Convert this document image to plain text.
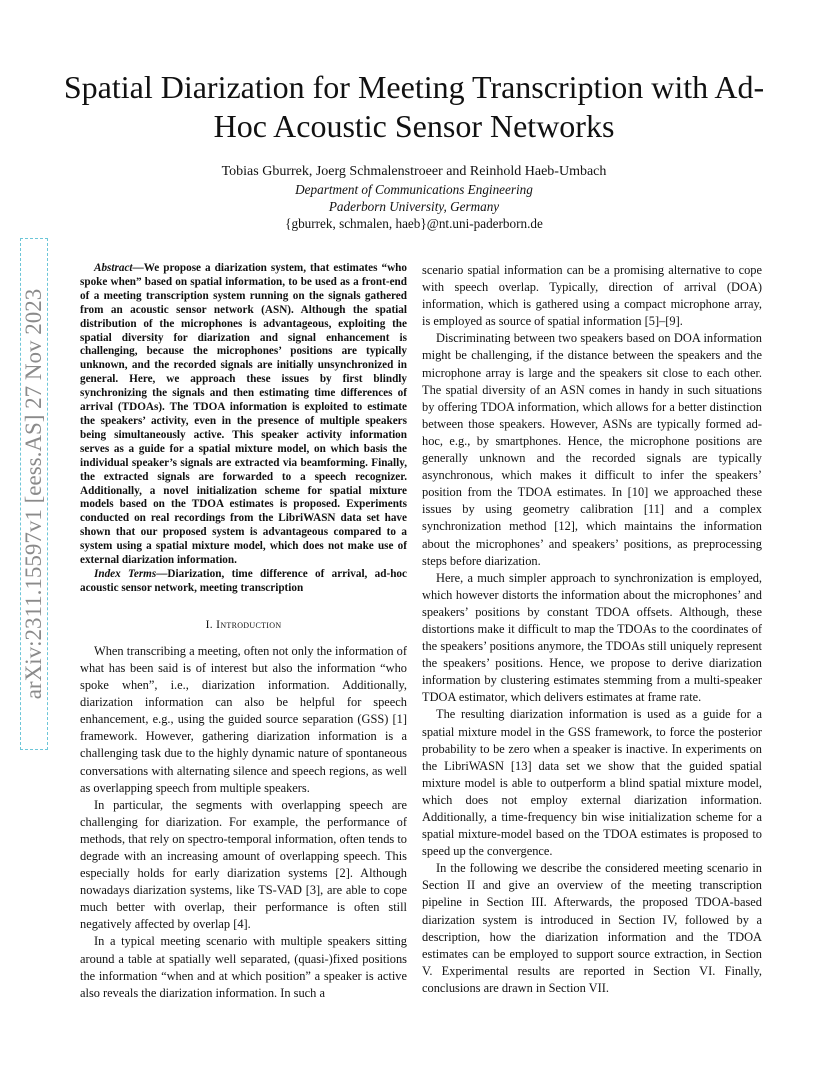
Spatial Diarization for Meeting Transcription with Ad-Hoc Acoustic Sensor Networks
Tobias Gburrek, Joerg Schmalenstroeer and Reinhold Haeb-Umbach
Department of Communications Engineering
Paderborn University, Germany
{gburrek, schmalen, haeb}@nt.uni-paderborn.de
arXiv:2311.15597v1 [eess.AS] 27 Nov 2023

Abstract—We propose a diarization system, that estimates “who spoke when” based on spatial information, to be used as a front-end of a meeting transcription system running on the signals gathered from an acoustic sensor network (ASN). Although the spatial distribution of the microphones is advantageous, exploiting the spatial diversity for diarization and signal enhancement is challenging, because the microphones’ positions are typically unknown, and the recorded signals are initially unsynchronized in general. Here, we approach these issues by first blindly synchronizing the signals and then estimating time differences of arrival (TDOAs). The TDOA information is exploited to estimate the speakers’ activity, even in the presence of multiple speakers being simultaneously active. This speaker activity information serves as a guide for a spatial mixture model, on which basis the individual speaker’s signals are extracted via beamforming. Finally, the extracted signals are forwarded to a speech recognizer. Additionally, a novel initialization scheme for spatial mixture models based on the TDOA estimates is proposed. Experiments conducted on real recordings from the LibriWASN data set have shown that our proposed system is advantageous compared to a system using a spatial mixture model, which does not make use of external diarization information.

Index Terms—Diarization, time difference of arrival, ad-hoc acoustic sensor network, meeting transcription

I. Introduction

When transcribing a meeting, often not only the information of what has been said is of interest but also the information “who spoke when”, i.e., diarization information. Additionally, diarization information can also be helpful for speech enhancement, e.g., using the guided source separation (GSS) [1] framework. However, gathering diarization information is a challenging task due to the highly dynamic nature of spontaneous conversations with alternating silence and speech regions, as well as overlapping speech from multiple speakers.

In particular, the segments with overlapping speech are challenging for diarization. For example, the performance of methods, that rely on spectro-temporal information, often tends to degrade with an increasing amount of overlapping speech. This especially holds for early diarization systems [2]. Although nowadays diarization systems, like TS-VAD [3], are able to cope much better with overlap, their performance is often still negatively affected by overlap [4].

In a typical meeting scenario with multiple speakers sitting around a table at spatially well separated, (quasi-)fixed positions the information “when and at which position” a speaker is active also reveals the diarization information. In such a

scenario spatial information can be a promising alternative to cope with speech overlap. Typically, direction of arrival (DOA) information, which is gathered using a compact microphone array, is employed as source of spatial information [5]–[9].

Discriminating between two speakers based on DOA information might be challenging, if the distance between the speakers and the microphone array is large and the speakers sit close to each other. The spatial diversity of an ASN comes in handy in such situations by offering TDOA information, which allows for a better distinction between those speakers. However, ASNs are typically formed ad-hoc, e.g., by smartphones. Hence, the microphone positions are generally unknown and the recorded signals are typically asynchronous, which makes it difficult to infer the speakers’ position from the TDOA estimates. In [10] we approached these issues by using geometry calibration [11] and a complex synchronization method [12], which maintains the information about the microphones’ and speakers’ positions, as preprocessing steps before diarization.

Here, a much simpler approach to synchronization is employed, which however distorts the information about the microphones’ and speakers’ positions by constant TDOA offsets. Although, these distortions make it difficult to map the TDOAs to the coordinates of the speakers’ positions anymore, the TDOAs still uniquely represent the speakers’ positions. Hence, we propose to derive diarization information by clustering estimates stemming from a multi-speaker TDOA estimator, which delivers estimates at frame rate.

The resulting diarization information is used as a guide for a spatial mixture model in the GSS framework, to force the posterior probability to be zero when a speaker is inactive. In experiments on the LibriWASN [13] data set we show that the guided spatial mixture model is able to outperform a blind spatial mixture model, which does not employ external diarization information. Additionally, a time-frequency bin wise initialization scheme for a spatial mixture-model based on the TDOA estimates is proposed to speed up the convergence.

In the following we describe the considered meeting scenario in Section II and give an overview of the meeting transcription pipeline in Section III. Afterwards, the proposed TDOA-based diarization system is introduced in Section IV, followed by a description, how the diarization information and the TDOA estimates can be employed to support source extraction, in Section V. Experimental results are reported in Section VI. Finally, conclusions are drawn in Section VII.
